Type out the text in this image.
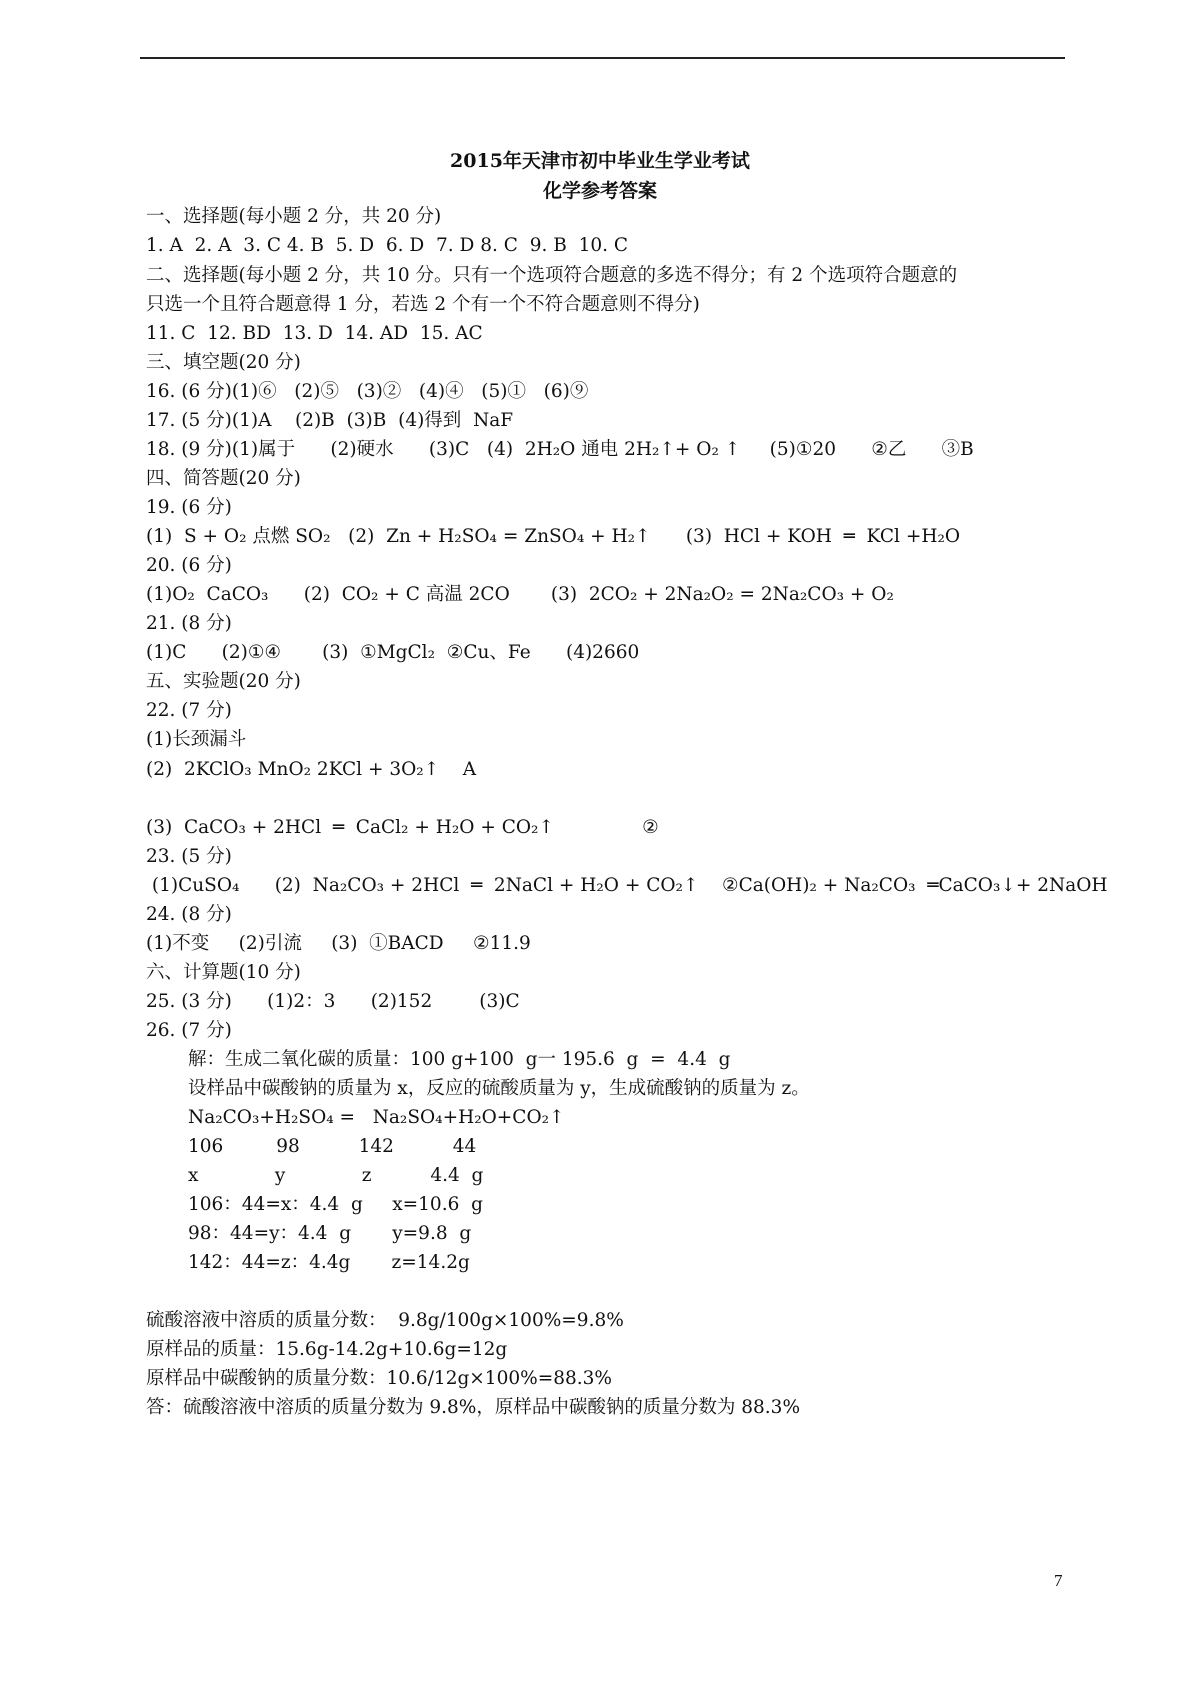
2015年天津市初中毕业生学业考试
化学参考答案
一、选择题(每小题 2 分，共 20 分)
1. A  2. A  3. C 4. B  5. D  6. D  7. D 8. C  9. B  10. C
二、选择题(每小题 2 分，共 10 分。只有一个选项符合题意的多选不得分；有 2 个选项符合题意的
只选一个且符合题意得 1 分，若选 2 个有一个不符合题意则不得分)
11. C  12. BD  13. D  14. AD  15. AC
三、填空题(20 分)
16. (6 分)(1)⑥   (2)⑤   (3)②   (4)④   (5)①   (6)⑨
17. (5 分)(1)A    (2)B  (3)B  (4)得到  NaF
18. (9 分)(1)属于      (2)硬水      (3)C   (4)  2H₂O 通电 2H₂↑+ O₂ ↑     (5)①20      ②乙      ③B
四、简答题(20 分)
19. (6 分)
(1)  S + O₂ 点燃 SO₂   (2)  Zn + H₂SO₄ = ZnSO₄ + H₂↑      (3)  HCl + KOH  ═  KCl +H₂O
20. (6 分)
(1)O₂  CaCO₃      (2)  CO₂ + C 高温 2CO       (3)  2CO₂ + 2Na₂O₂ = 2Na₂CO₃ + O₂
21. (8 分)
(1)C      (2)①④       (3)  ①MgCl₂  ②Cu、Fe      (4)2660
五、实验题(20 分)
22. (7 分)
(1)长颈漏斗
(2)  2KClO₃ MnO₂ 2KCl + 3O₂↑    A
(3)  CaCO₃ + 2HCl  ═  CaCl₂ + H₂O + CO₂↑               ②
23. (5 分)
(1)CuSO₄      (2)  Na₂CO₃ + 2HCl  ═  2NaCl + H₂O + CO₂↑    ②Ca(OH)₂ + Na₂CO₃  ═CaCO₃↓+ 2NaOH
24. (8 分)
(1)不变     (2)引流     (3)  ①BACD     ②11.9
六、计算题(10 分)
25. (3 分)      (1)2：3      (2)152        (3)C
26. (7 分)
解：生成二氧化碳的质量：100 g+100  g一 195.6  g  =  4.4  g
设样品中碳酸钠的质量为 x，反应的硫酸质量为 y，生成硫酸钠的质量为 z。
Na₂CO₃+H₂SO₄ =   Na₂SO₄+H₂O+CO₂↑
106         98          142          44
x             y             z          4.4  g
106：44=x：4.4  g     x=10.6  g
98：44=y：4.4  g       y=9.8  g
142：44=z：4.4g       z=14.2g
硫酸溶液中溶质的质量分数：  9.8g/100g×100%=9.8%
原样品的质量：15.6g-14.2g+10.6g=12g
原样品中碳酸钠的质量分数：10.6/12g×100%=88.3%
答：硫酸溶液中溶质的质量分数为 9.8%，原样品中碳酸钠的质量分数为 88.3%
7
